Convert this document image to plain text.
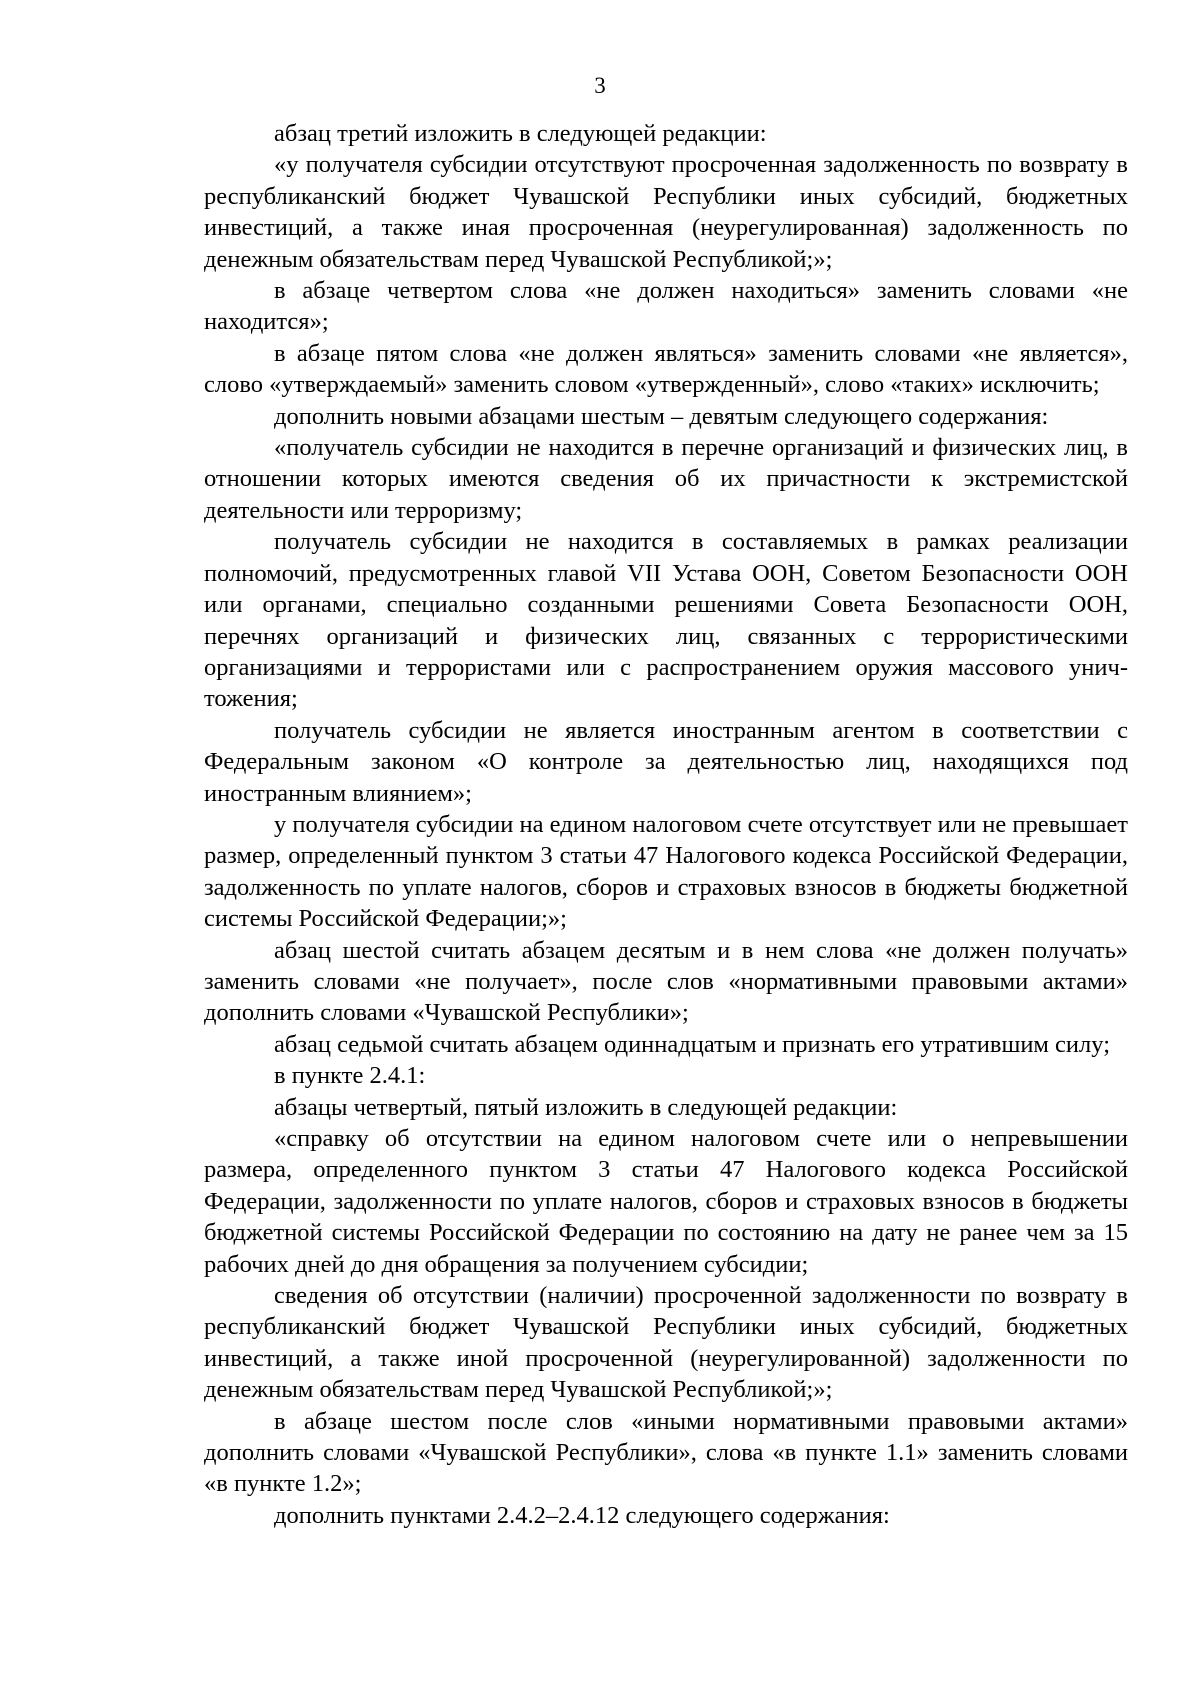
3

абзац третий изложить в следующей редакции:

«у получателя субсидии отсутствуют просроченная задолженность по возврату в республиканский бюджет Чувашской Республики иных субсидий, бюджетных инвестиций, а также иная просроченная (неурегулированная) задолженность по денежным обязательствам перед Чувашской Республикой;»;

в абзаце четвертом слова «не должен находиться» заменить словами «не находится»;

в абзаце пятом слова «не должен являться» заменить словами «не является», слово «утверждаемый» заменить словом «утвержденный», слово «таких» исключить;

дополнить новыми абзацами шестым – девятым следующего содержания:

«получатель субсидии не находится в перечне организаций и физических лиц, в отношении которых имеются сведения об их причастности к экстремистской деятельности или терроризму;

получатель субсидии не находится в составляемых в рамках реализации полномочий, предусмотренных главой VII Устава ООН, Советом Безопасности ООН или органами, специально созданными решениями Совета Безопасности ООН, перечнях организаций и физических лиц, связанных с террористическими организациями и террористами или с распространением оружия массового уничтожения;

получатель субсидии не является иностранным агентом в соответствии с Федеральным законом «О контроле за деятельностью лиц, находящихся под иностранным влиянием»;

у получателя субсидии на едином налоговом счете отсутствует или не превышает размер, определенный пунктом 3 статьи 47 Налогового кодекса Российской Федерации, задолженность по уплате налогов, сборов и страховых взносов в бюджеты бюджетной системы Российской Федерации;»;

абзац шестой считать абзацем десятым и в нем слова «не должен получать» заменить словами «не получает», после слов «нормативными правовыми актами» дополнить словами «Чувашской Республики»;

абзац седьмой считать абзацем одиннадцатым и признать его утратившим силу;

в пункте 2.4.1:

абзацы четвертый, пятый изложить в следующей редакции:

«справку об отсутствии на едином налоговом счете или о непревышении размера, определенного пунктом 3 статьи 47 Налогового кодекса Российской Федерации, задолженности по уплате налогов, сборов и страховых взносов в бюджеты бюджетной системы Российской Федерации по состоянию на дату не ранее чем за 15 рабочих дней до дня обращения за получением субсидии;

сведения об отсутствии (наличии) просроченной задолженности по возврату в республиканский бюджет Чувашской Республики иных субсидий, бюджетных инвестиций, а также иной просроченной (неурегулированной) задолженности по денежным обязательствам перед Чувашской Республикой;»;

в абзаце шестом после слов «иными нормативными правовыми актами» дополнить словами «Чувашской Республики», слова «в пункте 1.1» заменить словами «в пункте 1.2»;

дополнить пунктами 2.4.2–2.4.12 следующего содержания:
